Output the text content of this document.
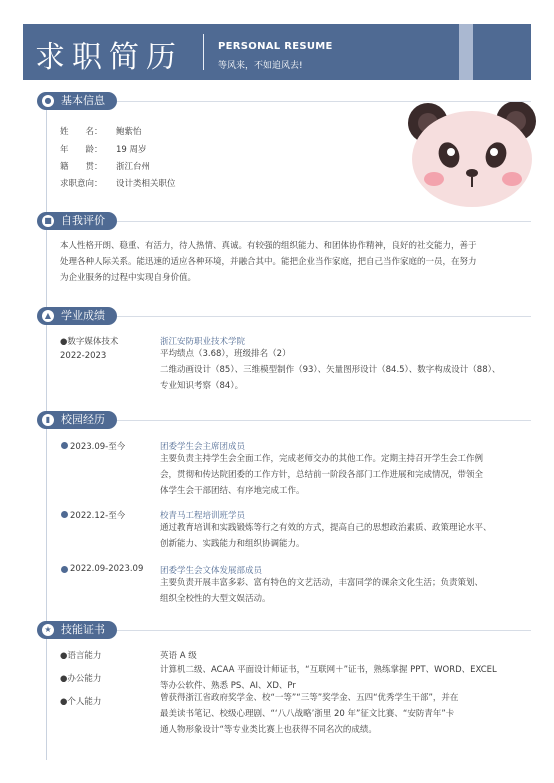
求职简历	PERSONAL RESUME
等风来，不如追风去!
● 基本信息
姓　　名： 鲍紫怡
年　　龄： 19 周岁
籍　　贯： 浙江台州
求职意向： 设计类相关职位
■ 自我评价
本人性格开朗、稳重、有活力，待人热情、真诚。有较强的组织能力、和团体协作精神，良好的社交能力，善于
处理各种人际关系。能迅速的适应各种环境，并融合其中。能把企业当作家庭，把自己当作家庭的一员，在努力
为企业服务的过程中实现自身价值。
▲ 学业成绩
●数字媒体技术
2022-2023
浙江安防职业技术学院
平均绩点（3.68），班级排名（2）
二维动画设计（85）、三维模型制作（93）、矢量图形设计（84.5）、数字构成设计（88）、
专业知识考察（84）。
▮ 校园经历
2023.09-至今	团委学生会主席团成员
主要负责主持学生会全面工作，完成老师交办的其他工作。定期主持召开学生会工作例
会，贯彻和传达院团委的工作方针，总结前一阶段各部门工作进展和完成情况，带领全
体学生会干部团结、有序地完成工作。
2022.12-至今	校青马工程培训班学员
通过教育培训和实践锻炼等行之有效的方式，提高自己的思想政治素质、政策理论水平、
创新能力、实践能力和组织协调能力。
2022.09-2023.09 团委学生会文体发展部成员
主要负责开展丰富多彩、富有特色的文艺活动，丰富同学的课余文化生活；负责策划、
组织全校性的大型文娱活动。
★ 技能证书
●语言能力	英语 A 级
●办公能力
计算机二级、ACAA 平面设计师证书，“互联网＋”证书，熟练掌握 PPT、WORD、EXCEL
等办公软件、熟悉 PS、AI、XD、Pr
●个人能力	曾获得浙江省政府奖学金、校“一等”“三等”奖学金、五四“优秀学生干部”，并在
最美读书笔记、校级心理剧、“‘八八战略’浙里 20 年”征文比赛、“安防青年”卡
通人物形象设计“等专业类比赛上也获得不同名次的成绩。
